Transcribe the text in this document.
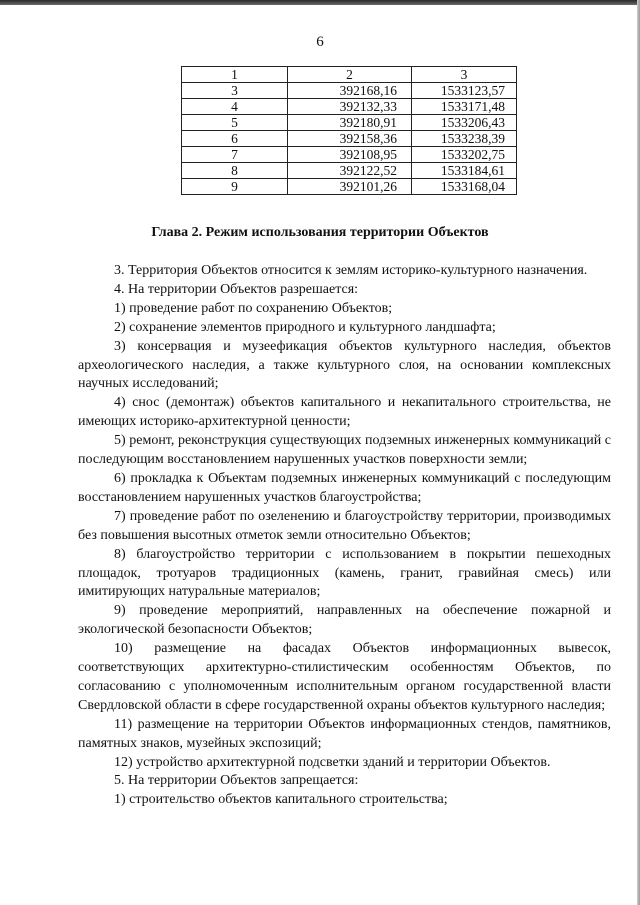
6
1	2	3
3	392168,16	1533123,57
4	392132,33	1533171,48
5	392180,91	1533206,43
6	392158,36	1533238,39
7	392108,95	1533202,75
8	392122,52	1533184,61
9	392101,26	1533168,04
Глава 2. Режим использования территории Объектов

3. Территория Объектов относится к землям историко-культурного назначения.

4. На территории Объектов разрешается:

1) проведение работ по сохранению Объектов;

2) сохранение элементов природного и культурного ландшафта;

3) консервация и музеефикация объектов культурного наследия, объектов археологического наследия, а также культурного слоя, на основании комплексных научных исследований;

4) снос (демонтаж) объектов капитального и некапитального строительства, не имеющих историко-архитектурной ценности;

5) ремонт, реконструкция существующих подземных инженерных коммуникаций с последующим восстановлением нарушенных участков поверхности земли;

6) прокладка к Объектам подземных инженерных коммуникаций с последующим восстановлением нарушенных участков благоустройства;

7) проведение работ по озеленению и благоустройству территории, производимых без повышения высотных отметок земли относительно Объектов;

8) благоустройство территории с использованием в покрытии пешеходных площадок, тротуаров традиционных (камень, гранит, гравийная смесь) или имитирующих натуральные материалов;

9) проведение мероприятий, направленных на обеспечение пожарной и экологической безопасности Объектов;

10) размещение на фасадах Объектов информационных вывесок, соответствующих архитектурно-стилистическим особенностям Объектов, по согласованию с уполномоченным исполнительным органом государственной власти Свердловской области в сфере государственной охраны объектов культурного наследия;

11) размещение на территории Объектов информационных стендов, памятников, памятных знаков, музейных экспозиций;

12) устройство архитектурной подсветки зданий и территории Объектов.

5. На территории Объектов запрещается:

1) строительство объектов капитального строительства;
